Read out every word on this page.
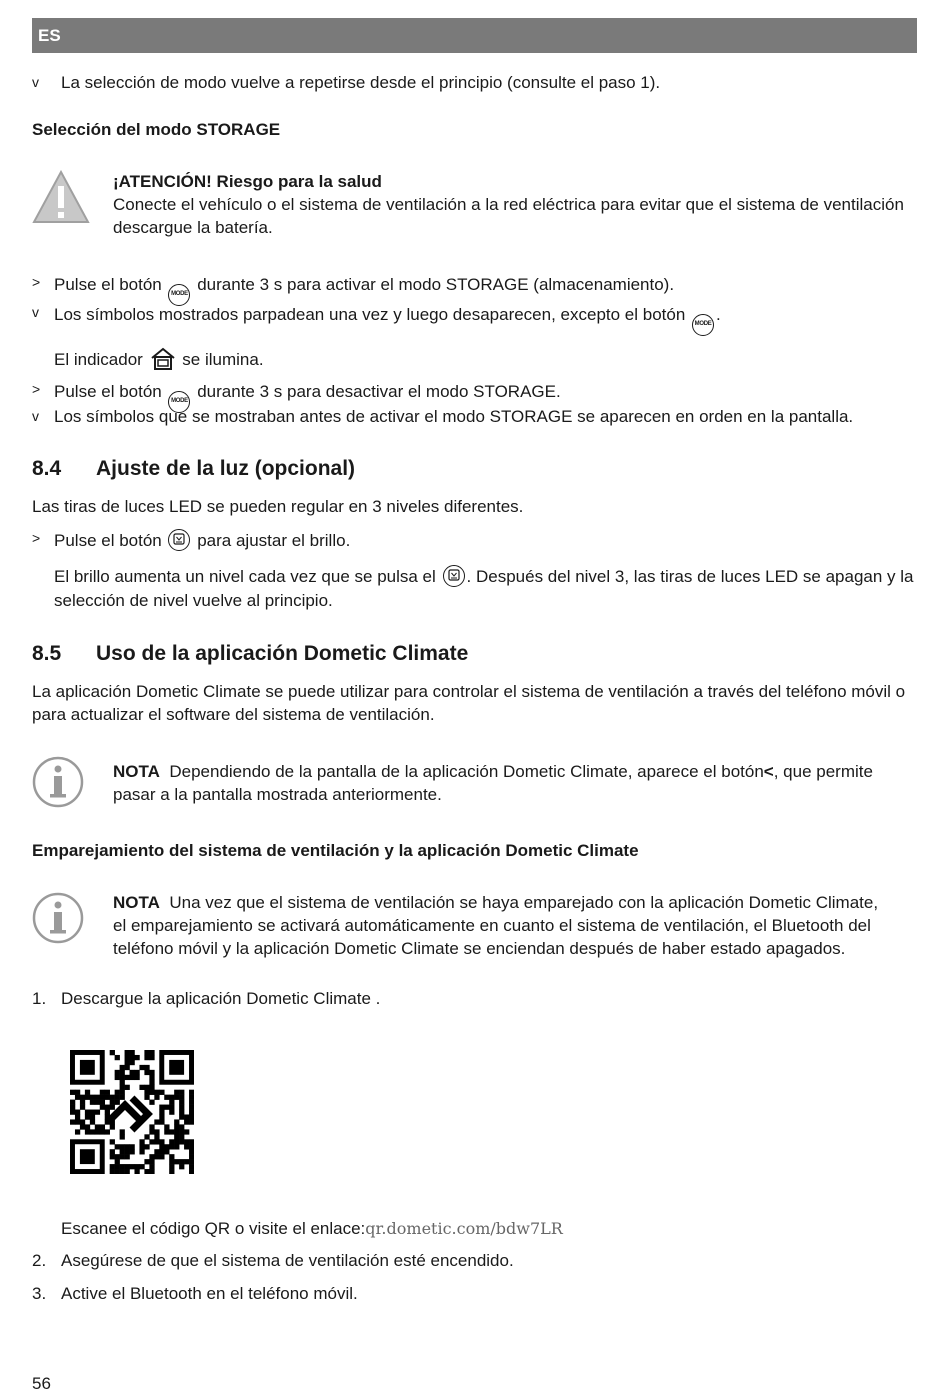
ES
v La selección de modo vuelve a repetirse desde el principio (consulte el paso 1).
Selección del modo STORAGE
¡ATENCIÓN! Riesgo para la salud
Conecte el vehículo o el sistema de ventilación a la red eléctrica para evitar que el sistema de ventilación
descargue la batería.
> Pulse el botón MODE durante 3 s para activar el modo STORAGE (almacenamiento).
v Los símbolos mostrados parpadean una vez y luego desaparecen, excepto el botón MODE .
El indicador se ilumina.
> Pulse el botón MODE durante 3 s para desactivar el modo STORAGE.
v Los símbolos que se mostraban antes de activar el modo STORAGE se aparecen en orden en la pantalla.
8.4 Ajuste de la luz (opcional)
Las tiras de luces LED se pueden regular en 3 niveles diferentes.
> Pulse el botón para ajustar el brillo.
El brillo aumenta un nivel cada vez que se pulsa el . Después del nivel 3, las tiras de luces LED se apagan y la
selección de nivel vuelve al principio.
8.5 Uso de la aplicación Dometic Climate
La aplicación Dometic Climate se puede utilizar para controlar el sistema de ventilación a través del teléfono móvil o
para actualizar el software del sistema de ventilación.
NOTA Dependiendo de la pantalla de la aplicación Dometic Climate, aparece el botón<, que permite
pasar a la pantalla mostrada anteriormente.
Emparejamiento del sistema de ventilación y la aplicación Dometic Climate
NOTA Una vez que el sistema de ventilación se haya emparejado con la aplicación Dometic Climate,
el emparejamiento se activará automáticamente en cuanto el sistema de ventilación, el Bluetooth del
teléfono móvil y la aplicación Dometic Climate se enciendan después de haber estado apagados.
1. Descargue la aplicación Dometic Climate .
Escanee el código QR o visite el enlace:qr.dometic.com/bdw7LR
2. Asegúrese de que el sistema de ventilación esté encendido.
3. Active el Bluetooth en el teléfono móvil.
56
